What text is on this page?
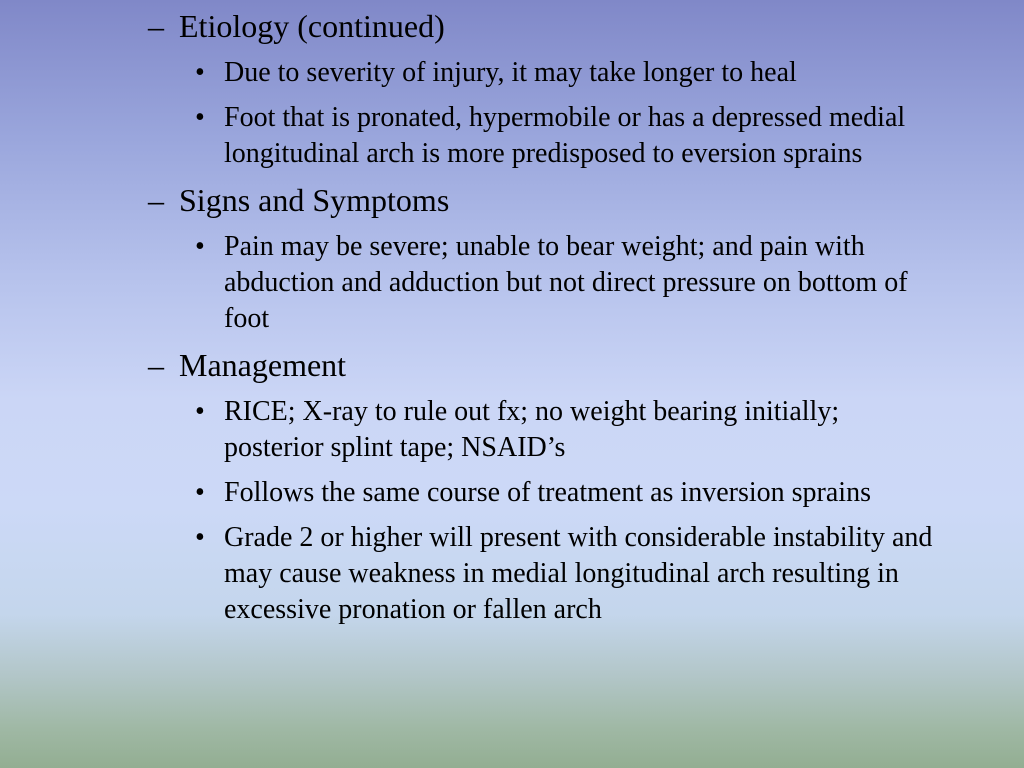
– Etiology (continued)
• Due to severity of injury, it may take longer to heal
• Foot that is pronated, hypermobile or has a depressed medial longitudinal arch is more predisposed to eversion sprains
– Signs and Symptoms
• Pain may be severe; unable to bear weight; and pain with abduction and adduction but not direct pressure on bottom of foot
– Management
• RICE; X-ray to rule out fx; no weight bearing initially; posterior splint tape; NSAID’s
• Follows the same course of treatment as inversion sprains
• Grade 2 or higher will present with considerable instability and may cause weakness in medial longitudinal arch resulting in excessive pronation or fallen arch
